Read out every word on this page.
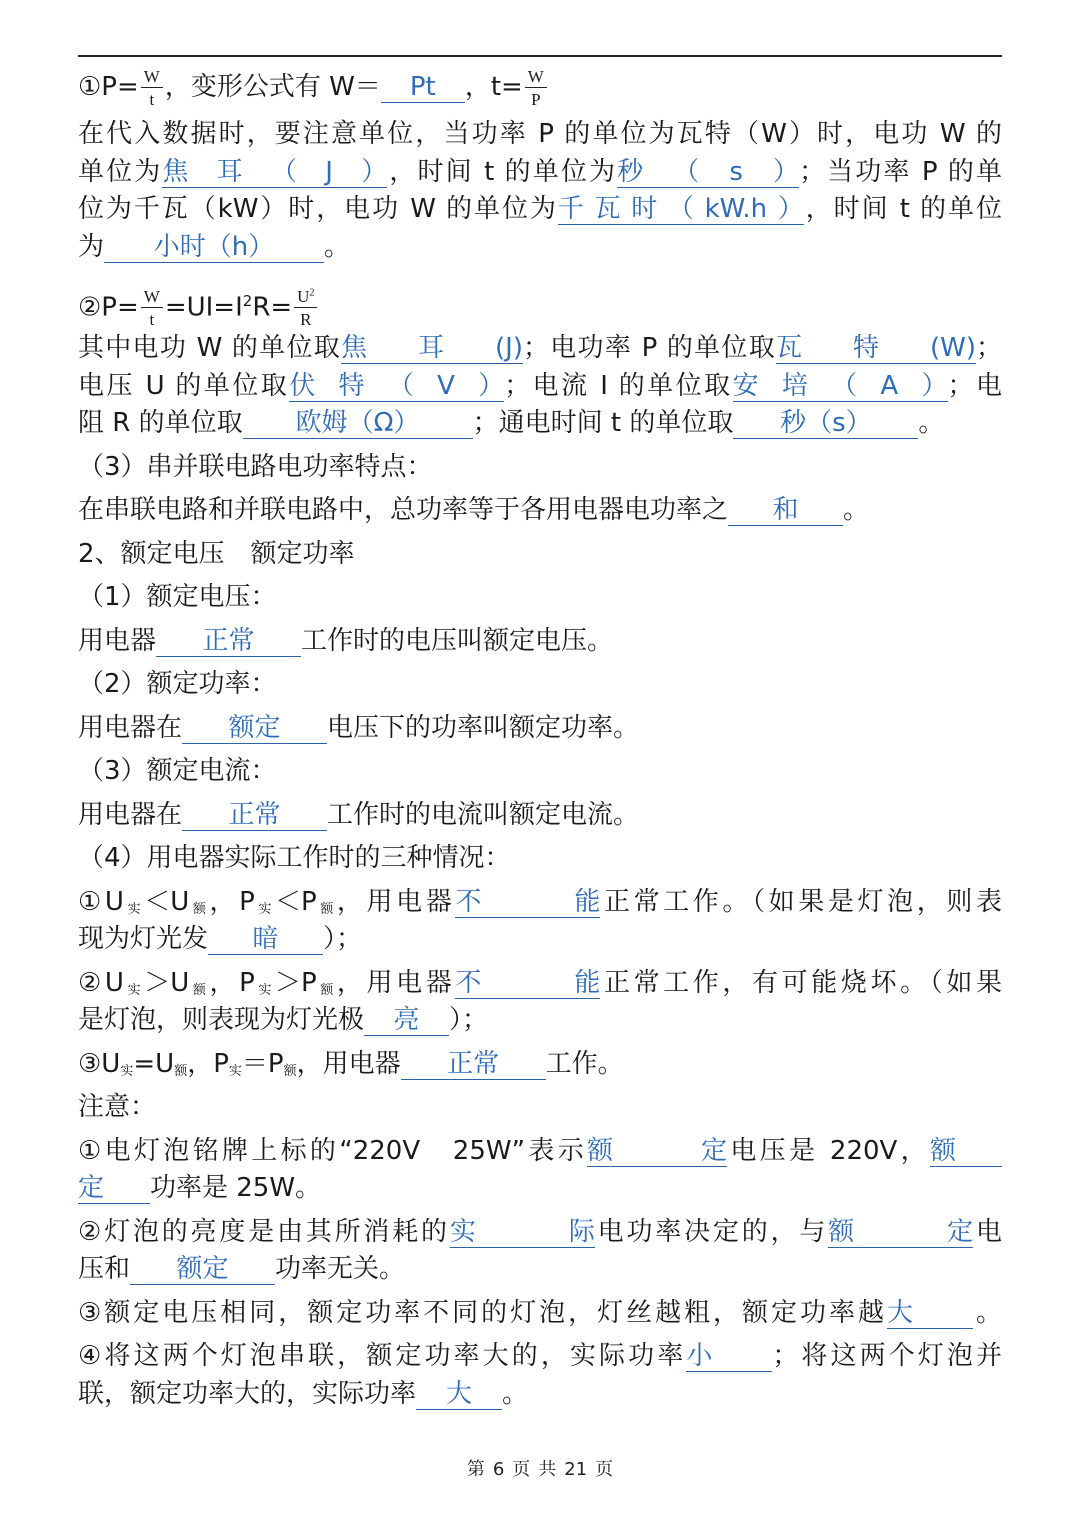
①P= $\frac{W}{t}$ ，变形公式有 W＝ Pt ，$t= \frac{W}{P}$
在代入数据时，要注意单位，当功率 P 的单位为瓦特（W）时，电功 W 的
单位为焦耳（J），时间 t 的单位为秒（s）；当功率 P 的单
位为千瓦（kW）时，电功 W 的单位为千瓦时（kW.h），时间 t 的单位
为 小时（h） 。
②P= $\frac{W}{t} =UI=I^2R= \frac{U^2}{R}$
其中电功 W 的单位取焦耳(J)；电功率 P 的单位取瓦特(W)；
电压 U 的单位取伏特（V）；电流 I 的单位取安培（A）；电
阻 R 的单位取 欧姆（Ω） ；通电时间 t 的单位取 秒（s） 。
（3）串并联电路电功率特点：
在串联电路和并联电路中，总功率等于各用电器电功率之 和 。
2、额定电压　额定功率
（1）额定电压：
用电器 正常 工作时的电压叫额定电压。
（2）额定功率：
用电器在 额定 电压下的功率叫额定功率。
（3）额定电流：
用电器在 正常 工作时的电流叫额定电流。
（4）用电器实际工作时的三种情况：
$①U_实<U_额$，$P_实<P_额$，用电器不能正常工作。（如果是灯泡，则表
现为灯光发 暗 ）；
$②U_实>U_额$，$P_实>P_额$，用电器不能正常工作，有可能烧坏。（如果
是灯泡，则表现为灯光极 亮 ）；
$③U_实=U_额$，$P_实=P_额$，用电器 正常 工作。
注意：
①电灯泡铭牌上标的“220V　25W”表示额定电压是 220V，额
定 功率是 25W。
②灯泡的亮度是由其所消耗的实际电功率决定的，与额定电
压和 额定 功率无关。
③额定电压相同，额定功率不同的灯泡，灯丝越粗，额定功率越大 。
④将这两个灯泡串联，额定功率大的，实际功率小 ；将这两个灯泡并
联，额定功率大的，实际功率 大 。
第 6 页 共 21 页
